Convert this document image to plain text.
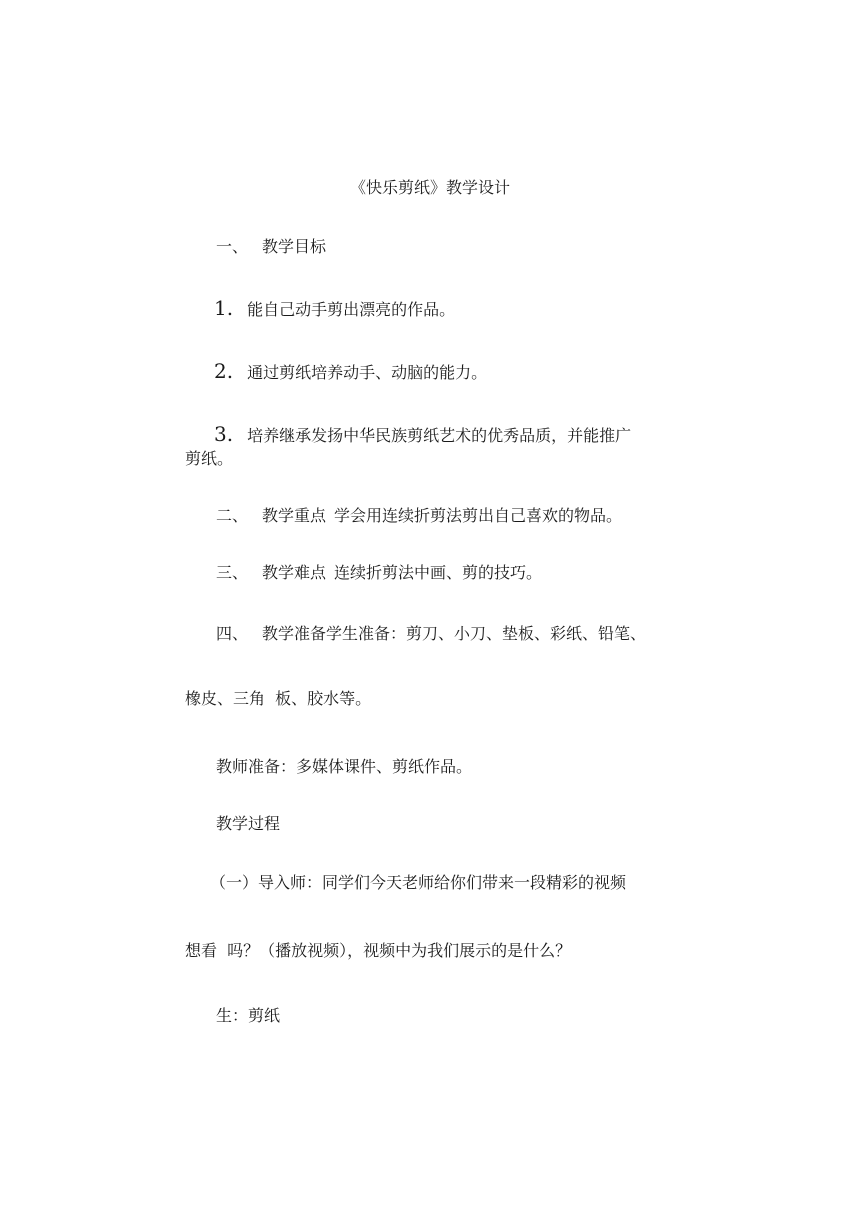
《快乐剪纸》教学设计
一、 教学目标
1. 能自己动手剪出漂亮的作品。
2. 通过剪纸培养动手、动脑的能力。
3. 培养继承发扬中华民族剪纸艺术的优秀品质，并能推广
剪纸。
二、 教学重点 学会用连续折剪法剪出自己喜欢的物品。
三、 教学难点 连续折剪法中画、剪的技巧。
四、 教学准备学生准备：剪刀、小刀、垫板、彩纸、铅笔、
橡皮、三角  板、胶水等。
教师准备：多媒体课件、剪纸作品。
教学过程
（一）导入师：同学们今天老师给你们带来一段精彩的视频
想看  吗？（播放视频），视频中为我们展示的是什么？
生：剪纸
